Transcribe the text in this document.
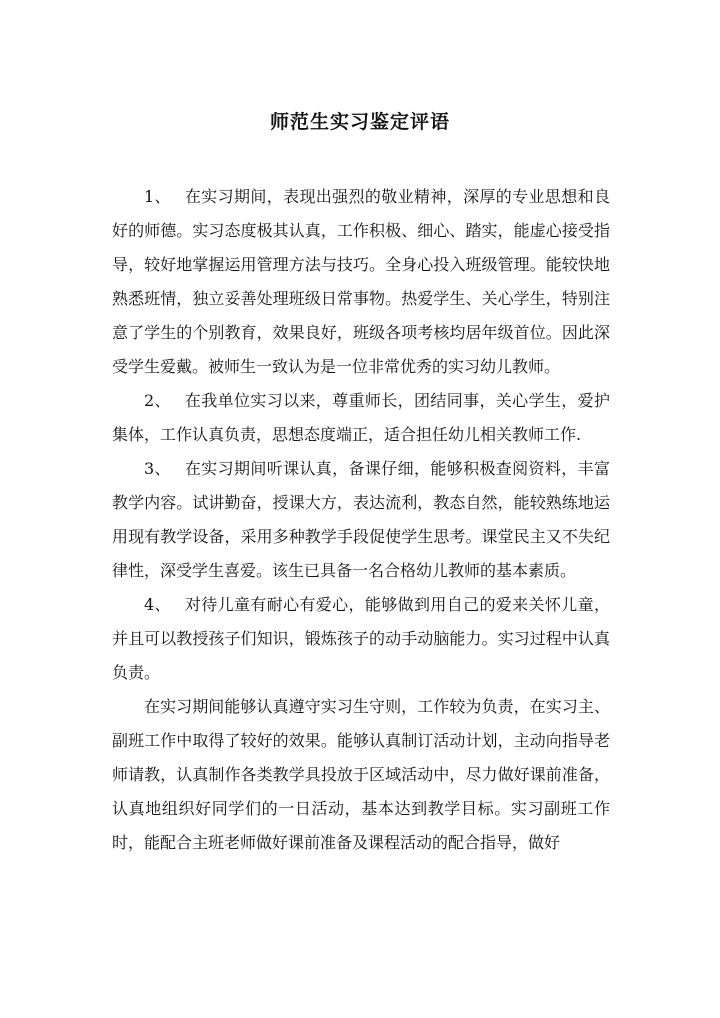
师范生实习鉴定评语

1、 在实习期间，表现出强烈的敬业精神，深厚的专业思想和良好的师德。实习态度极其认真，工作积极、细心、踏实，能虚心接受指导，较好地掌握运用管理方法与技巧。全身心投入班级管理。能较快地熟悉班情，独立妥善处理班级日常事物。热爱学生、关心学生，特别注意了学生的个别教育，效果良好，班级各项考核均居年级首位。因此深受学生爱戴。被师生一致认为是一位非常优秀的实习幼儿教师。

2、 在我单位实习以来，尊重师长，团结同事，关心学生，爱护集体，工作认真负责，思想态度端正，适合担任幼儿相关教师工作.

3、 在实习期间听课认真，备课仔细，能够积极查阅资料，丰富教学内容。试讲勤奋，授课大方，表达流利，教态自然，能较熟练地运用现有教学设备，采用多种教学手段促使学生思考。课堂民主又不失纪律性，深受学生喜爱。该生已具备一名合格幼儿教师的基本素质。

4、 对待儿童有耐心有爱心，能够做到用自己的爱来关怀儿童，并且可以教授孩子们知识，锻炼孩子的动手动脑能力。实习过程中认真负责。

在实习期间能够认真遵守实习生守则，工作较为负责，在实习主、副班工作中取得了较好的效果。能够认真制订活动计划，主动向指导老师请教，认真制作各类教学具投放于区域活动中，尽力做好课前准备，认真地组织好同学们的一日活动，基本达到教学目标。实习副班工作时，能配合主班老师做好课前准备及课程活动的配合指导，做好
